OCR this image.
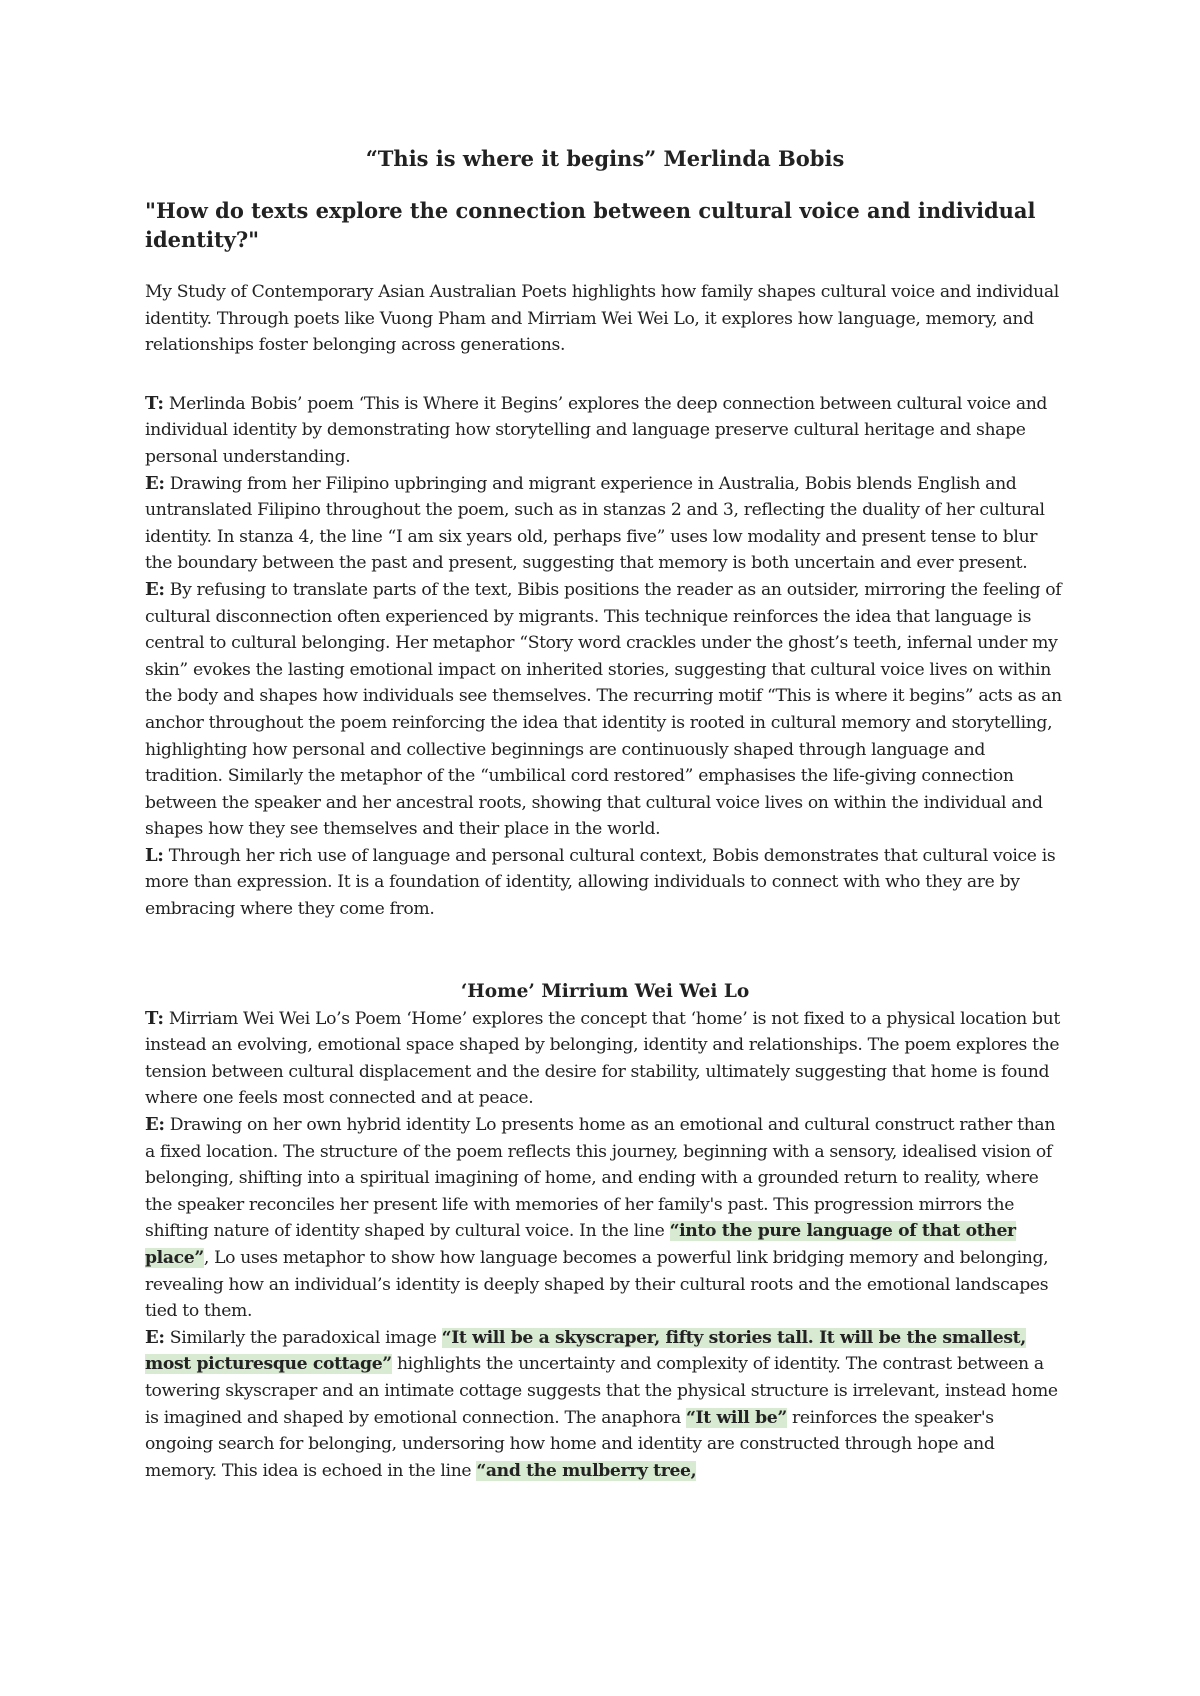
“This is where it begins” Merlinda Bobis
"How do texts explore the connection between cultural voice and individual identity?"

My Study of Contemporary Asian Australian Poets highlights how family shapes cultural voice and individual identity. Through poets like Vuong Pham and Mirriam Wei Wei Lo, it explores how language, memory, and relationships foster belonging across generations.

T: Merlinda Bobis’ poem ‘This is Where it Begins’ explores the deep connection between cultural voice and individual identity by demonstrating how storytelling and language preserve cultural heritage and shape personal understanding.

E: Drawing from her Filipino upbringing and migrant experience in Australia, Bobis blends English and untranslated Filipino throughout the poem, such as in stanzas 2 and 3, reflecting the duality of her cultural identity. In stanza 4, the line “I am six years old, perhaps five” uses low modality and present tense to blur the boundary between the past and present, suggesting that memory is both uncertain and ever present.

E: By refusing to translate parts of the text, Bibis positions the reader as an outsider, mirroring the feeling of cultural disconnection often experienced by migrants. This technique reinforces the idea that language is central to cultural belonging. Her metaphor “Story word crackles under the ghost’s teeth, infernal under my skin” evokes the lasting emotional impact on inherited stories, suggesting that cultural voice lives on within the body and shapes how individuals see themselves. The recurring motif “This is where it begins” acts as an anchor throughout the poem reinforcing the idea that identity is rooted in cultural memory and storytelling, highlighting how personal and collective beginnings are continuously shaped through language and tradition. Similarly the metaphor of the “umbilical cord restored” emphasises the life-giving connection between the speaker and her ancestral roots, showing that cultural voice lives on within the individual and shapes how they see themselves and their place in the world.

L: Through her rich use of language and personal cultural context, Bobis demonstrates that cultural voice is more than expression. It is a foundation of identity, allowing individuals to connect with who they are by embracing where they come from.

‘Home’ Mirrium Wei Wei Lo

T: Mirriam Wei Wei Lo’s Poem ‘Home’ explores the concept that ‘home’ is not fixed to a physical location but instead an evolving, emotional space shaped by belonging, identity and relationships. The poem explores the tension between cultural displacement and the desire for stability, ultimately suggesting that home is found where one feels most connected and at peace.

E: Drawing on her own hybrid identity Lo presents home as an emotional and cultural construct rather than a fixed location. The structure of the poem reflects this journey, beginning with a sensory, idealised vision of belonging, shifting into a spiritual imagining of home, and ending with a grounded return to reality, where the speaker reconciles her present life with memories of her family's past. This progression mirrors the shifting nature of identity shaped by cultural voice. In the line “into the pure language of that other place”, Lo uses metaphor to show how language becomes a powerful link bridging memory and belonging, revealing how an individual’s identity is deeply shaped by their cultural roots and the emotional landscapes tied to them.

E: Similarly the paradoxical image “It will be a skyscraper, fifty stories tall. It will be the smallest, most picturesque cottage” highlights the uncertainty and complexity of identity. The contrast between a towering skyscraper and an intimate cottage suggests that the physical structure is irrelevant, instead home is imagined and shaped by emotional connection. The anaphora “It will be” reinforces the speaker's ongoing search for belonging, undersoring how home and identity are constructed through hope and memory. This idea is echoed in the line “and the mulberry tree,
